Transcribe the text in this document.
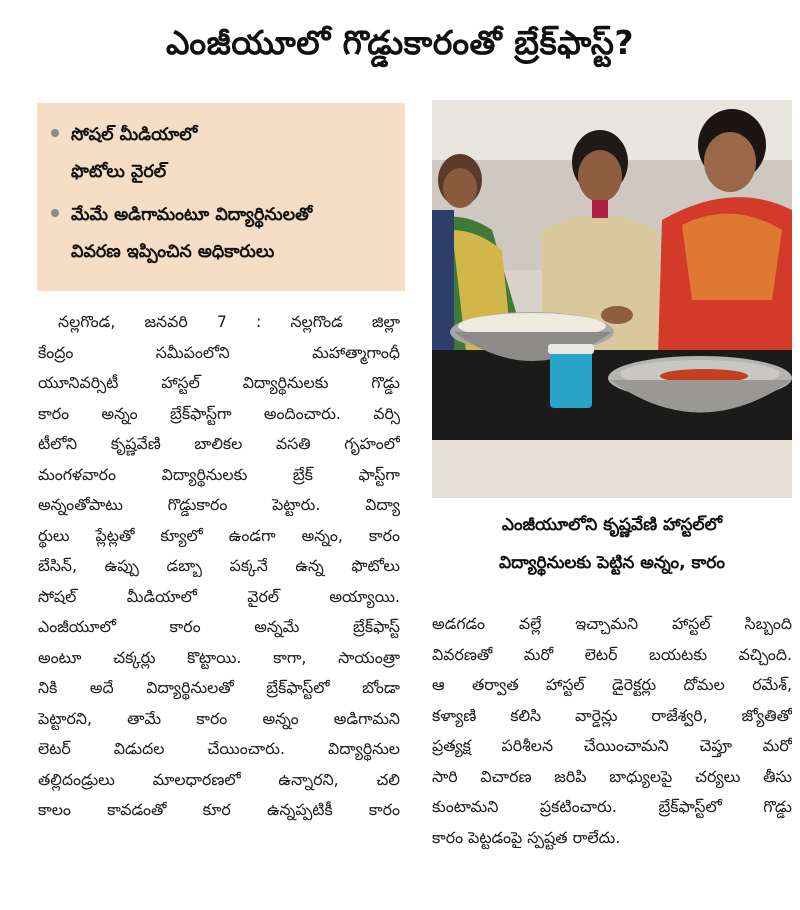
ఎంజీయూలో గొడ్డుకారంతో బ్రేక్‌ఫాస్ట్‌?
సోషల్‌ మీడియాలో
ఫొటోలు వైరల్‌
మేమే అడిగామంటూ విద్యార్థినులతో
వివరణ ఇప్పించిన అధికారులు
ఎంజీయూలోని కృష్ణవేణి హాస్టల్‌లో
విద్యార్థినులకు పెట్టిన అన్నం, కారం
నల్లగొండ, జనవరి 7 : నల్లగొండ జిల్లా
కేంద్రం సమీపంలోని మహాత్మాగాంధీ
యూనివర్సిటీ హాస్టల్‌ విద్యార్థినులకు గొడ్డు
కారం అన్నం బ్రేక్‌ఫాస్ట్‌గా అందించారు. వర్సి
టీలోని కృష్ణవేణి బాలికల వసతి గృహంలో
మంగళవారం విద్యార్థినులకు బ్రేక్‌ ఫాస్ట్‌గా
అన్నంతోపాటు గొడ్డుకారం పెట్టారు. విద్యా
ర్థులు ప్లేట్లతో క్యూలో ఉండగా అన్నం, కారం
బేసిన్‌, ఉప్పు డబ్బా పక్కనే ఉన్న ఫొటోలు
సోషల్‌ మీడియాలో వైరల్‌ అయ్యాయి.
ఎంజీయూలో కారం అన్నమే బ్రేక్‌ఫాస్ట్‌
అంటూ చక్కర్లు కొట్టాయి. కాగా, సాయంత్రా
నికి అదే విద్యార్థినులతో బ్రేక్‌ఫాస్ట్‌లో బోండా
పెట్టారని, తామే కారం అన్నం అడిగామని
లెటర్‌ విడుదల చేయించారు. విద్యార్థినుల
తల్లిదండ్రులు మాలధారణలో ఉన్నారని, చలి
కాలం కావడంతో కూర ఉన్నప్పటికీ కారం
అడగడం వల్లే ఇచ్చామని హాస్టల్‌ సిబ్బంది
వివరణతో మరో లెటర్‌ బయటకు వచ్చింది.
ఆ తర్వాత హాస్టల్‌ డైరెక్టర్లు దోమల రమేశ్‌,
కళ్యాణి కలిసి వార్డెన్లు రాజేశ్వరి, జ్యోతితో
ప్రత్యక్ష పరిశీలన చేయించామని చెప్తూ మరో
సారి విచారణ జరిపి బాధ్యులపై చర్యలు తీసు
కుంటామని ప్రకటించారు. బ్రేక్‌ఫాస్ట్‌లో గొడ్డు
కారం పెట్టడంపై స్పష్టత రాలేదు.
